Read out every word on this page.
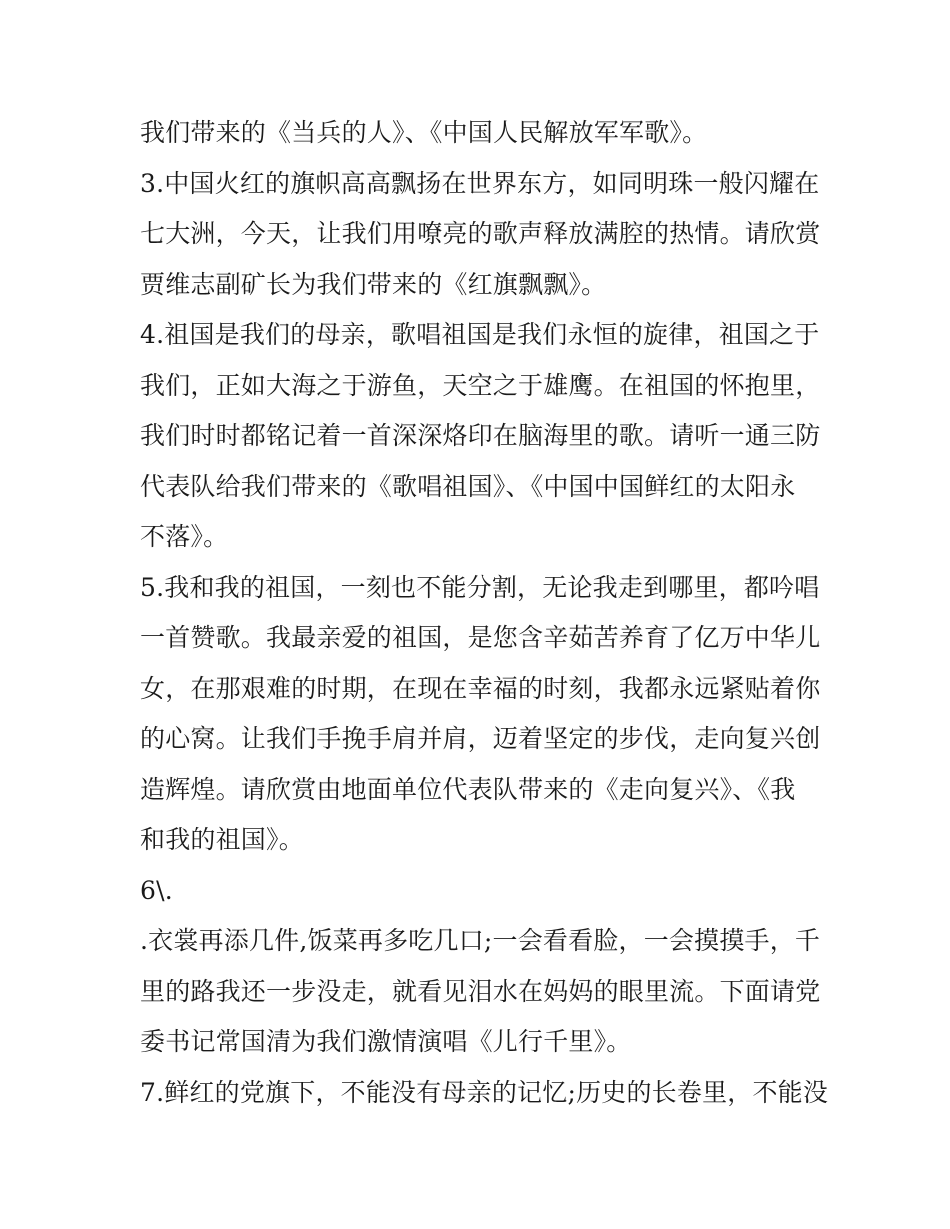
我们带来的《当兵的人》、《中国人民解放军军歌》。
3.中国火红的旗帜高高飘扬在世界东方，如同明珠一般闪耀在
七大洲，今天，让我们用嘹亮的歌声释放满腔的热情。请欣赏
贾维志副矿长为我们带来的《红旗飘飘》。
4.祖国是我们的母亲，歌唱祖国是我们永恒的旋律，祖国之于
我们，正如大海之于游鱼，天空之于雄鹰。在祖国的怀抱里，
我们时时都铭记着一首深深烙印在脑海里的歌。请听一通三防
代表队给我们带来的《歌唱祖国》、《中国中国鲜红的太阳永
不落》。
5.我和我的祖国，一刻也不能分割，无论我走到哪里，都吟唱
一首赞歌。我最亲爱的祖国，是您含辛茹苦养育了亿万中华儿
女，在那艰难的时期，在现在幸福的时刻，我都永远紧贴着你
的心窝。让我们手挽手肩并肩，迈着坚定的步伐，走向复兴创
造辉煌。请欣赏由地面单位代表队带来的《走向复兴》、《我
和我的祖国》。
6\.
.衣裳再添几件,饭菜再多吃几口;一会看看脸，一会摸摸手，千
里的路我还一步没走，就看见泪水在妈妈的眼里流。下面请党
委书记常国清为我们激情演唱《儿行千里》。
7.鲜红的党旗下，不能没有母亲的记忆;历史的长卷里，不能没
